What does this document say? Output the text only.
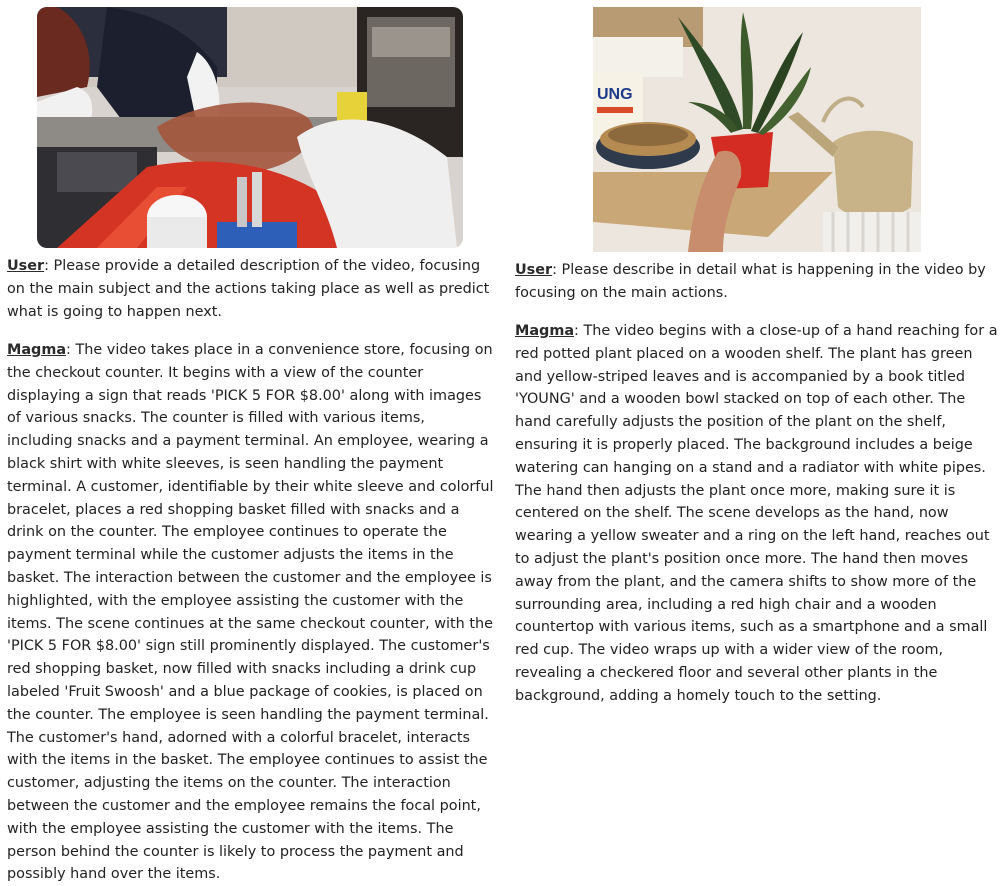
User: Please provide a detailed description of the video, focusing on the main subject and the actions taking place as well as predict what is going to happen next.

Magma: The video takes place in a convenience store, focusing on the checkout counter. It begins with a view of the counter displaying a sign that reads 'PICK 5 FOR $8.00' along with images of various snacks. The counter is filled with various items, including snacks and a payment terminal. An employee, wearing a black shirt with white sleeves, is seen handling the payment terminal. A customer, identifiable by their white sleeve and colorful bracelet, places a red shopping basket filled with snacks and a drink on the counter. The employee continues to operate the payment terminal while the customer adjusts the items in the basket. The interaction between the customer and the employee is highlighted, with the employee assisting the customer with the items. The scene continues at the same checkout counter, with the 'PICK 5 FOR $8.00' sign still prominently displayed. The customer's red shopping basket, now filled with snacks including a drink cup labeled 'Fruit Swoosh' and a blue package of cookies, is placed on the counter. The employee is seen handling the payment terminal. The customer's hand, adorned with a colorful bracelet, interacts with the items in the basket. The employee continues to assist the customer, adjusting the items on the counter. The interaction between the customer and the employee remains the focal point, with the employee assisting the customer with the items. The person behind the counter is likely to process the payment and possibly hand over the items.

UNG

User: Please describe in detail what is happening in the video by focusing on the main actions.

Magma: The video begins with a close-up of a hand reaching for a red potted plant placed on a wooden shelf. The plant has green and yellow-striped leaves and is accompanied by a book titled 'YOUNG' and a wooden bowl stacked on top of each other. The hand carefully adjusts the position of the plant on the shelf, ensuring it is properly placed. The background includes a beige watering can hanging on a stand and a radiator with white pipes. The hand then adjusts the plant once more, making sure it is centered on the shelf. The scene develops as the hand, now wearing a yellow sweater and a ring on the left hand, reaches out to adjust the plant's position once more. The hand then moves away from the plant, and the camera shifts to show more of the surrounding area, including a red high chair and a wooden countertop with various items, such as a smartphone and a small red cup. The video wraps up with a wider view of the room, revealing a checkered floor and several other plants in the background, adding a homely touch to the setting.
